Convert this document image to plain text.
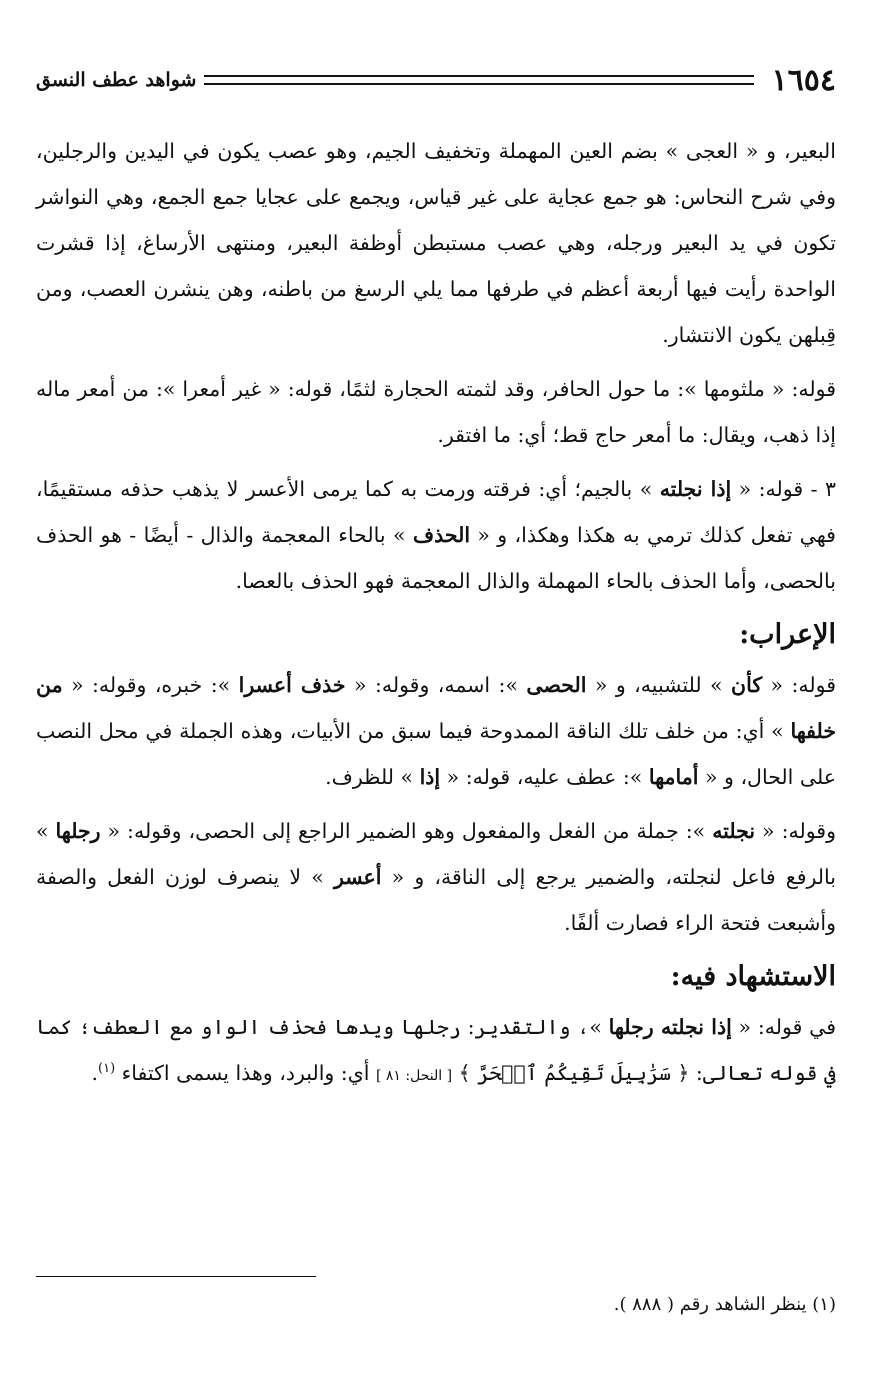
١٦٥٤
شواهد عطف النسق

البعير، و « العجى » بضم العين المهملة وتخفيف الجيم، وهو عصب يكون في اليدين والرجلين، وفي شرح النحاس: هو جمع عجاية على غير قياس، ويجمع على عجايا جمع الجمع، وهي النواشر تكون في يد البعير ورجله، وهي عصب مستبطن أوظفة البعير، ومنتهى الأرساغ، إذا قشرت الواحدة رأيت فيها أربعة أعظم في طرفها مما يلي الرسغ من باطنه، وهن ينشرن العصب، ومن قِبلهن يكون الانتشار.

قوله: « ملثومها »: ما حول الحافر، وقد لثمته الحجارة لثمًا، قوله: « غير أمعرا »: من أمعر ماله إذا ذهب، ويقال: ما أمعر حاج قط؛ أي: ما افتقر.

٣ - قوله: « إذا نجلته » بالجيم؛ أي: فرقته ورمت به كما يرمى الأعسر لا يذهب حذفه مستقيمًا، فهي تفعل كذلك ترمي به هكذا وهكذا، و « الحذف » بالحاء المعجمة والذال - أيضًا - هو الحذف بالحصى، وأما الحذف بالحاء المهملة والذال المعجمة فهو الحذف بالعصا.

الإعراب:

قوله: « كأن » للتشبيه، و « الحصى »: اسمه، وقوله: « خذف أعسرا »: خبره، وقوله: « من خلفها » أي: من خلف تلك الناقة الممدوحة فيما سبق من الأبيات، وهذه الجملة في محل النصب على الحال، و « أمامها »: عطف عليه، قوله: « إذا » للظرف.

وقوله: « نجلته »: جملة من الفعل والمفعول وهو الضمير الراجع إلى الحصى، وقوله: « رجلها » بالرفع فاعل لنجلته، والضمير يرجع إلى الناقة، و « أعسر » لا ينصرف لوزن الفعل والصفة وأشبعت فتحة الراء فصارت ألفًا.

الاستشهاد فيه:

في قوله: « إذا نجلته رجلها »، والتقدير: رجلها ويدها فحذف الواو مع العطف؛ كما في قوله تعالى: ﴿ سَرَٰبِيلَ تَقِيكُمُ ٱلۡحَرَّ ﴾ [ النحل: ٨١ ] أي: والبرد، وهذا يسمى اكتفاء $^{(١)}$.

(١) ينظر الشاهد رقم ( ٨٨٨ ).
